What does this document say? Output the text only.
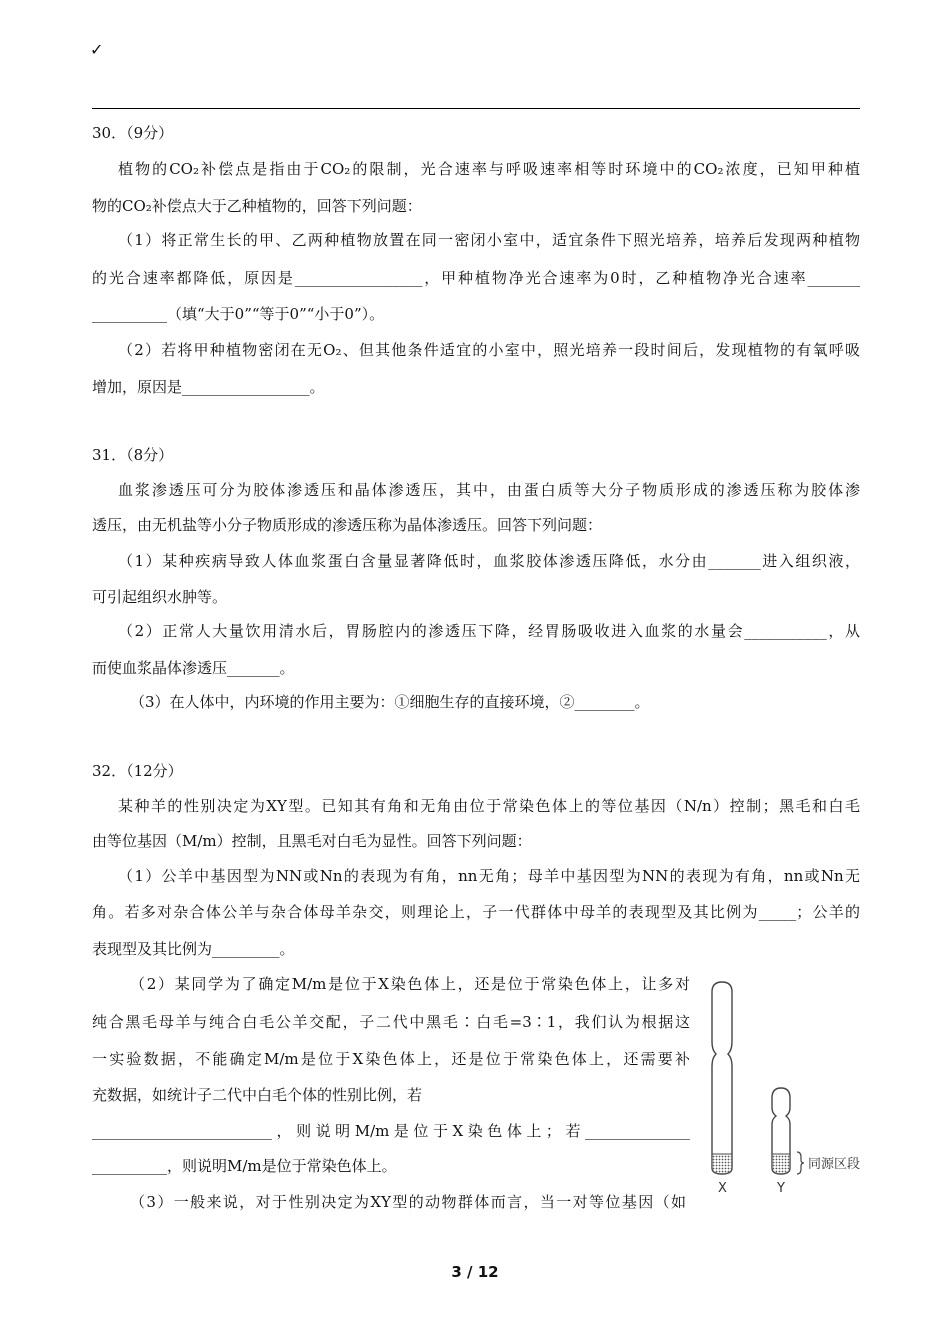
✓
30．（9分）
植物的CO₂补偿点是指由于CO₂的限制，光合速率与呼吸速率相等时环境中的CO₂浓度，已知甲种植
物的CO₂补偿点大于乙种植物的，回答下列问题：
（1）将正常生长的甲、乙两种植物放置在同一密闭小室中，适宜条件下照光培养，培养后发现两种植物
的光合速率都降低，原因是_________________，甲种植物净光合速率为0时，乙种植物净光合速率_______
__________（填“大于0”“等于0”“小于0”）。
（2）若将甲种植物密闭在无O₂、但其他条件适宜的小室中，照光培养一段时间后，发现植物的有氧呼吸
增加，原因是_________________。
31．（8分）
血浆渗透压可分为胶体渗透压和晶体渗透压，其中，由蛋白质等大分子物质形成的渗透压称为胶体渗
透压，由无机盐等小分子物质形成的渗透压称为晶体渗透压。回答下列问题：
（1）某种疾病导致人体血浆蛋白含量显著降低时，血浆胶体渗透压降低，水分由_______进入组织液，
可引起组织水肿等。
（2）正常人大量饮用清水后，胃肠腔内的渗透压下降，经胃肠吸收进入血浆的水量会___________，从
而使血浆晶体渗透压_______。
（3）在人体中，内环境的作用主要为：①细胞生存的直接环境，②________。
32．（12分）
某种羊的性别决定为XY型。已知其有角和无角由位于常染色体上的等位基因（N/n）控制；黑毛和白毛
由等位基因（M/m）控制，且黑毛对白毛为显性。回答下列问题：
（1）公羊中基因型为NN或Nn的表现为有角，nn无角；母羊中基因型为NN的表现为有角，nn或Nn无
角。若多对杂合体公羊与杂合体母羊杂交，则理论上，子一代群体中母羊的表现型及其比例为_____；公羊的
表现型及其比例为_________。
（2）某同学为了确定M/m是位于X染色体上，还是位于常染色体上，让多对
纯合黑毛母羊与纯合白毛公羊交配，子二代中黑毛∶白毛=3∶1，我们认为根据这
一实验数据，不能确定M/m是位于X染色体上，还是位于常染色体上，还需要补
充数据，如统计子二代中白毛个体的性别比例，若
________________________，则说明M/m是位于X染色体上；若______________
__________，则说明M/m是位于常染色体上。
（3）一般来说，对于性别决定为XY型的动物群体而言，当一对等位基因（如
同源区段
X	Y
3 / 12
